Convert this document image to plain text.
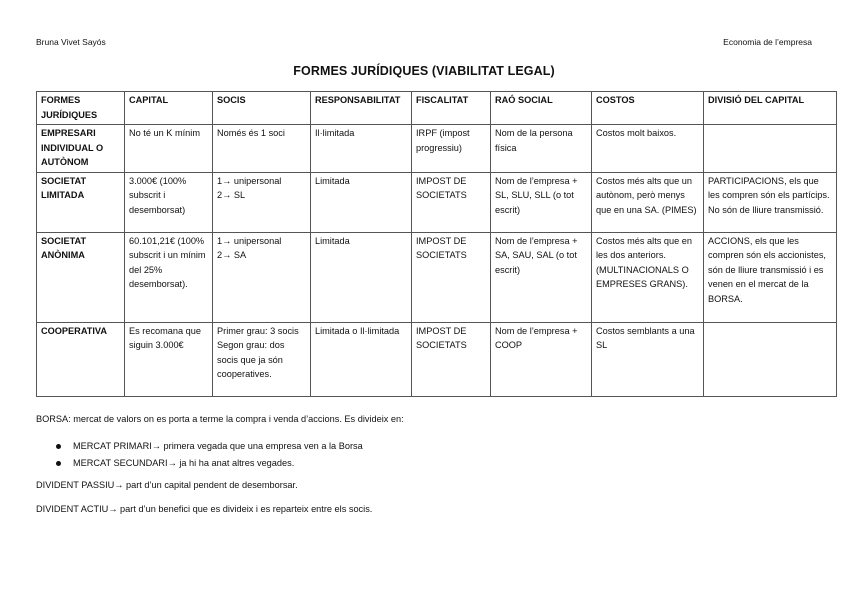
Bruna Vivet Sayós	Economia de l’empresa
FORMES JURÍDIQUES (VIABILITAT LEGAL)
FORMES JURÍDIQUES	CAPITAL	SOCIS	RESPONSABILITAT	FISCALITAT	RAÓ SOCIAL	COSTOS	DIVISIÓ DEL CAPITAL
EMPRESARI INDIVIDUAL O AUTÒNOM	No té un K mínim	Només és 1 soci	Il·limitada	IRPF (impost progressiu)	Nom de la persona física	Costos molt baixos.	
SOCIETAT LIMITADA	3.000€ (100% subscrit i desemborsat)	1→ unipersonal
2→ SL	Limitada	IMPOST DE SOCIETATS	Nom de l’empresa + SL, SLU, SLL (o tot escrit)	Costos més alts que un autònom, però menys que en una SA. (PIMES)	PARTICIPACIONS, els que les compren són els partícips. No són de lliure transmissió.
SOCIETAT ANÒNIMA	60.101,21€ (100% subscrit i un mínim del 25% desemborsat).	1→ unipersonal
2→ SA	Limitada	IMPOST DE SOCIETATS	Nom de l’empresa + SA, SAU, SAL (o tot escrit)	Costos més alts que en les dos anteriors. (MULTINACIONALS O EMPRESES GRANS).	ACCIONS, els que les compren són els accionistes, són de lliure transmissió i es venen en el mercat de la BORSA.
COOPERATIVA	Es recomana que siguin 3.000€	Primer grau: 3 socis
Segon grau: dos socis que ja són cooperatives.	Limitada o Il·limitada	IMPOST DE SOCIETATS	Nom de l’empresa + COOP	Costos semblants a una SL	
BORSA: mercat de valors on es porta a terme la compra i venda d’accions. Es divideix en:
MERCAT PRIMARI→ primera vegada que una empresa ven a la Borsa
MERCAT SECUNDARI→ ja hi ha anat altres vegades.
DIVIDENT PASSIU→ part d’un capital pendent de desemborsar.
DIVIDENT ACTIU→ part d’un benefici que es divideix i es reparteix entre els socis.
